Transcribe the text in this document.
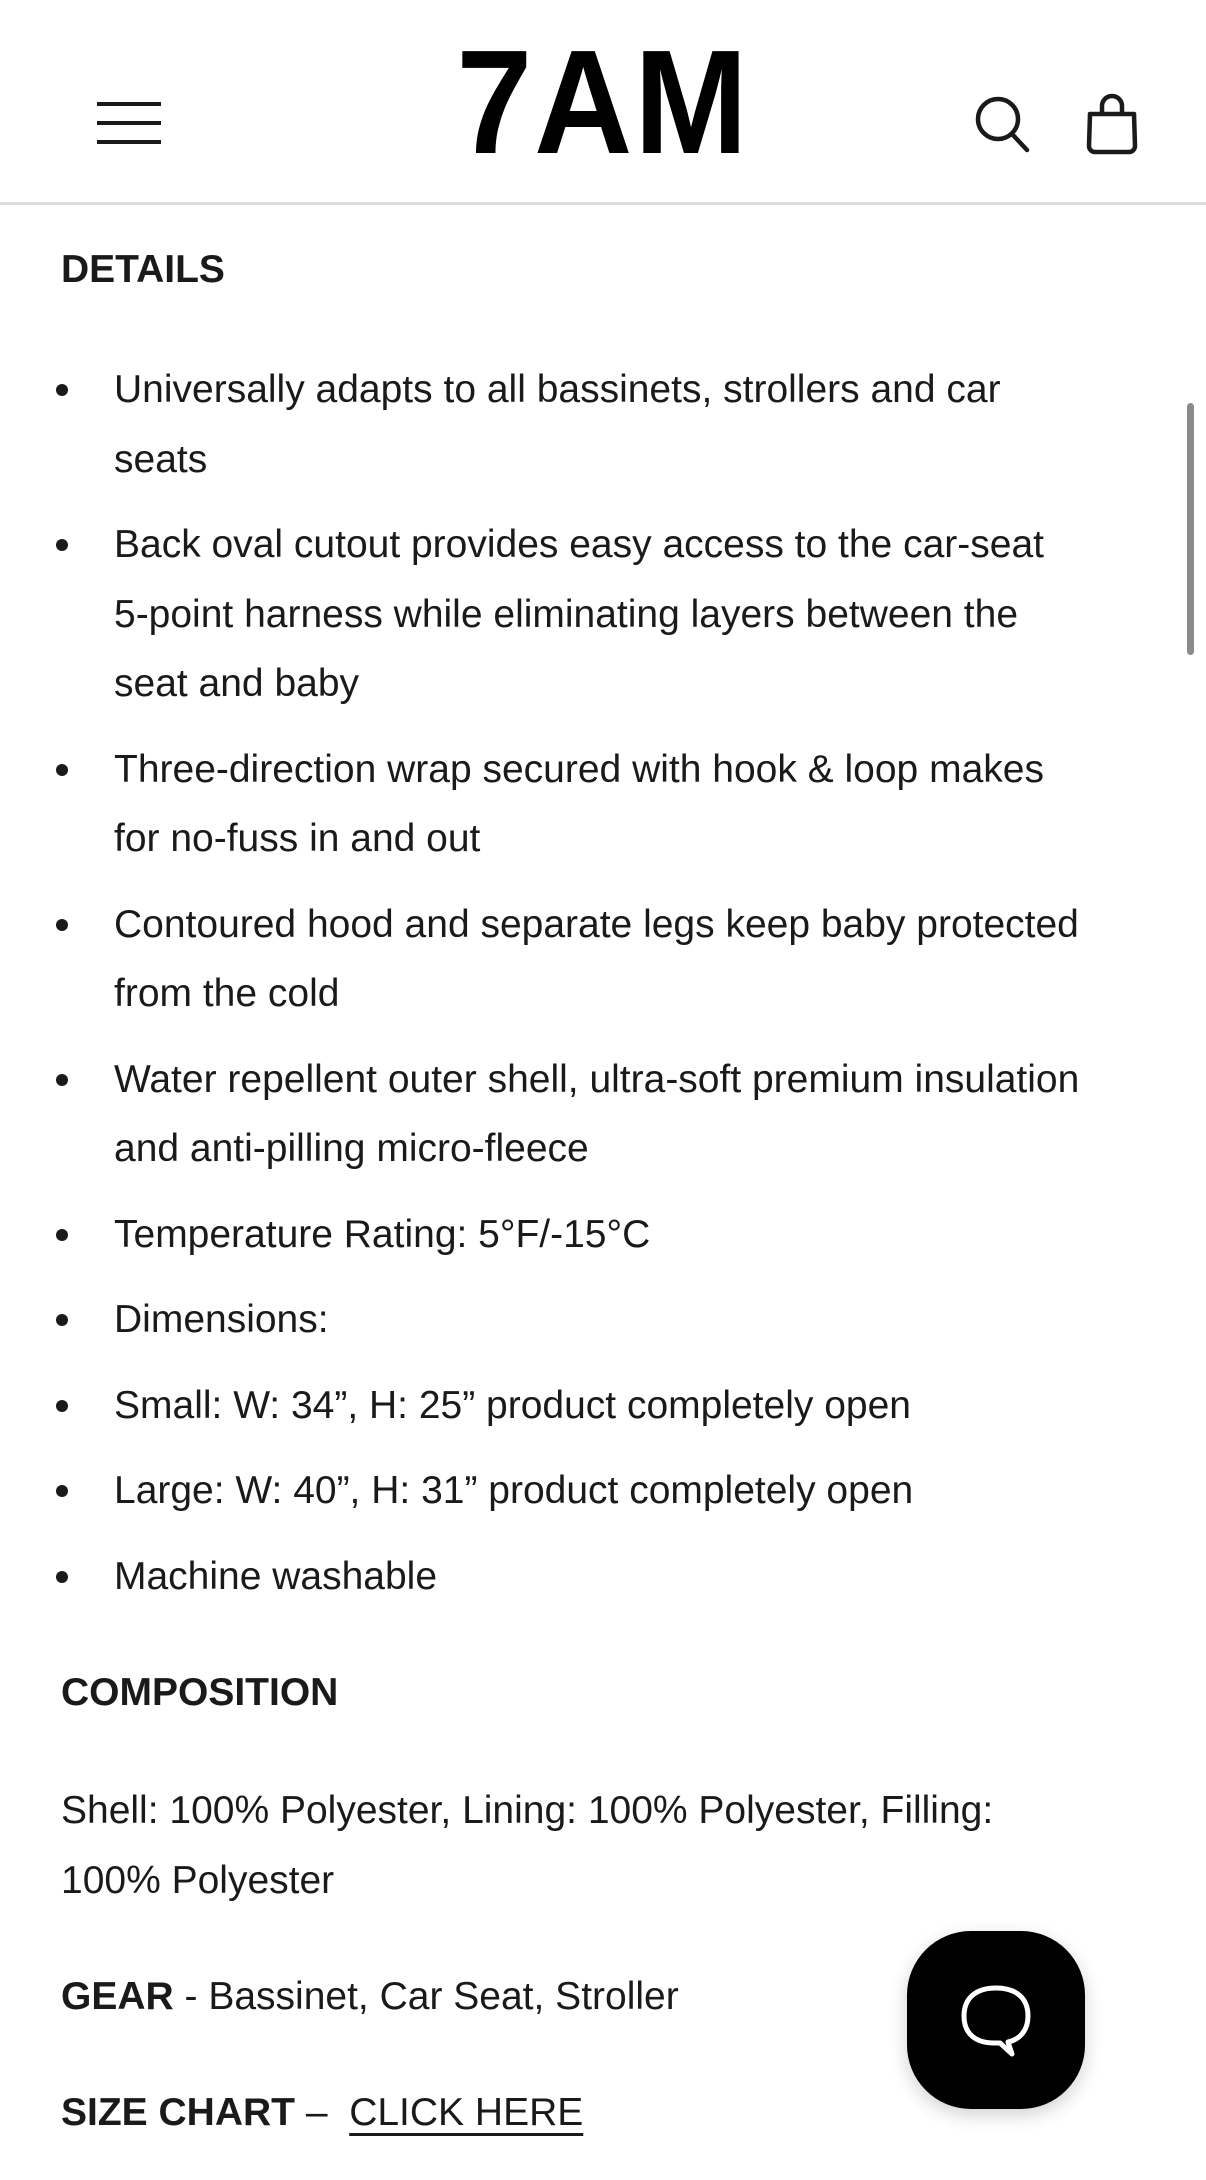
7AM
DETAILS
Universally adapts to all bassinets, strollers and car seats
Back oval cutout provides easy access to the car-seat 5-point harness while eliminating layers between the seat and baby
Three-direction wrap secured with hook & loop makes for no-fuss in and out
Contoured hood and separate legs keep baby protected from the cold
Water repellent outer shell, ultra-soft premium insulation and anti-pilling micro-fleece
Temperature Rating: 5°F/-15°C
Dimensions:
Small: W: 34”, H: 25” product completely open
Large: W: 40”, H: 31” product completely open
Machine washable
COMPOSITION
Shell: 100% Polyester, Lining: 100% Polyester, Filling: 100% Polyester
GEAR - Bassinet, Car Seat, Stroller
SIZE CHART –  CLICK HERE
